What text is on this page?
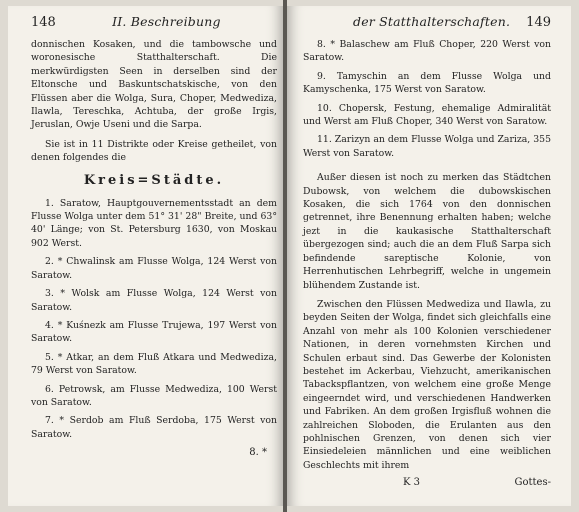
148	II. Beschreibung
donnischen Kosaken, und die tambowsche und woronesische Statthalterschaft. Die merkwürdigsten Seen in derselben sind der Eltonsche und Baskuntschatskische, von den Flüssen aber die Wolga, Sura, Choper, Medwediza, Ilawla, Tereschka, Achtuba, der große Irgis, Jeruslan, Owje Useni und die Sarpa.
Sie ist in 11 Distrikte oder Kreise getheilet, von denen folgendes die
Kreis=Städte.
1. Saratow, Hauptgouvernementsstadt an dem Flusse Wolga unter dem 51° 31' 28" Breite, und 63° 40' Länge; von St. Petersburg 1630, von Moskau 902 Werst.
2. * Chwalinsk am Flusse Wolga, 124 Werst von Saratow.
3. * Wolsk am Flusse Wolga, 124 Werst von Saratow.
4. * Kuśnezk am Flusse Trujewa, 197 Werst von Saratow.
5. * Atkar, an dem Fluß Atkara und Medwediza, 79 Werst von Saratow.
6. Petrowsk, am Flusse Medwediza, 100 Werst von Saratow.
7. * Serdob am Fluß Serdoba, 175 Werst von Saratow.
8. *
der Statthalterschaften.	149
8. * Balaschew am Fluß Choper, 220 Werst von Saratow.
9. Tamyschin an dem Flusse Wolga und Kamyschenka, 175 Werst von Saratow.
10. Chopersk, Festung, ehemalige Admiralität und Werst am Fluß Choper, 340 Werst von Saratow.
11. Zarizyn an dem Flusse Wolga und Zariza, 355 Werst von Saratow.
Außer diesen ist noch zu merken das Städtchen Dubowsk, von welchem die dubowskischen Kosaken, die sich 1764 von den donnischen getrennet, ihre Benennung erhalten haben; welche jezt in die kaukasische Statthalterschaft übergezogen sind; auch die an dem Fluß Sarpa sich befindende sareptische Kolonie, von Herrenhutischen Lehrbegriff, welche in ungemein blühendem Zustande ist.
Zwischen den Flüssen Medwediza und Ilawla, zu beyden Seiten der Wolga, findet sich gleichfalls eine Anzahl von mehr als 100 Kolonien verschiedener Nationen, in deren vornehmsten Kirchen und Schulen erbaut sind. Das Gewerbe der Kolonisten bestehet im Ackerbau, Viehzucht, amerikanischen Tabackspflantzen, von welchem eine große Menge eingeerndet wird, und verschiedenen Handwerken und Fabriken. An dem großen Irgisfluß wohnen die zahlreichen Sloboden, die Erulanten aus den pohlnischen Grenzen, von denen sich vier Einsiedeleien männlichen und eine weiblichen Geschlechts mit ihrem
K 3	Gottes-
